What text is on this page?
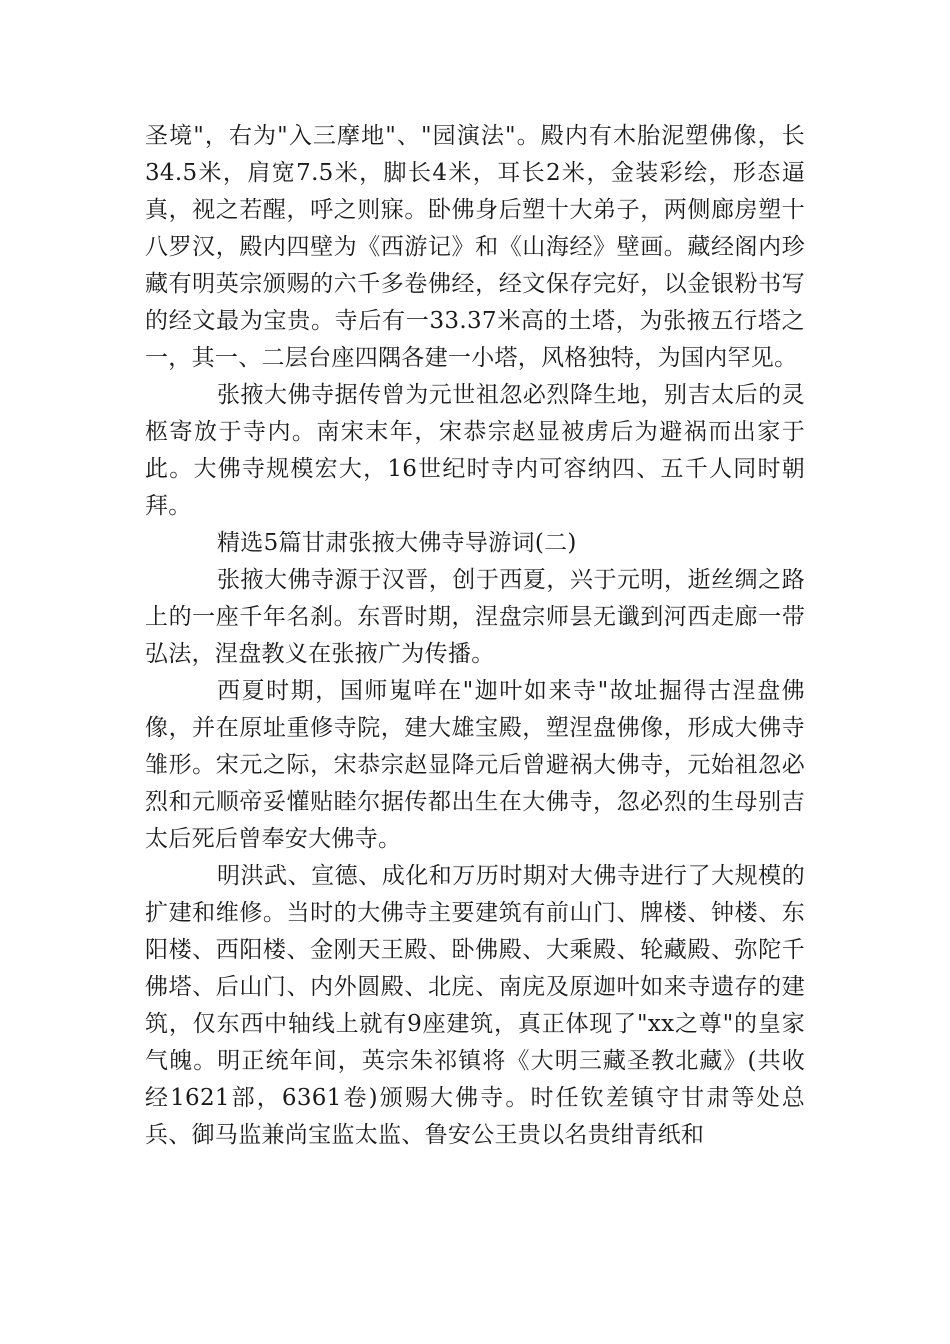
圣境"，右为"入三摩地"、"园演法"。殿内有木胎泥塑佛像，长34.5米，肩宽7.5米，脚长4米，耳长2米，金装彩绘，形态逼真，视之若醒，呼之则寐。卧佛身后塑十大弟子，两侧廊房塑十八罗汉，殿内四壁为《西游记》和《山海经》壁画。藏经阁内珍藏有明英宗颁赐的六千多卷佛经，经文保存完好，以金银粉书写的经文最为宝贵。寺后有一33.37米高的土塔，为张掖五行塔之一，其一、二层台座四隅各建一小塔，风格独特，为国内罕见。

张掖大佛寺据传曾为元世祖忽必烈降生地，别吉太后的灵柩寄放于寺内。南宋末年，宋恭宗赵显被虏后为避祸而出家于此。大佛寺规模宏大，16世纪时寺内可容纳四、五千人同时朝拜。

精选5篇甘肃张掖大佛寺导游词(二)

张掖大佛寺源于汉晋，创于西夏，兴于元明，逝丝绸之路上的一座千年名刹。东晋时期，涅盘宗师昙无谶到河西走廊一带弘法，涅盘教义在张掖广为传播。

西夏时期，国师嵬咩在"迦叶如来寺"故址掘得古涅盘佛像，并在原址重修寺院，建大雄宝殿，塑涅盘佛像，形成大佛寺雏形。宋元之际，宋恭宗赵显降元后曾避祸大佛寺，元始祖忽必烈和元顺帝妥懽贴睦尔据传都出生在大佛寺，忽必烈的生母别吉太后死后曾奉安大佛寺。

明洪武、宣德、成化和万历时期对大佛寺进行了大规模的扩建和维修。当时的大佛寺主要建筑有前山门、牌楼、钟楼、东阳楼、西阳楼、金刚天王殿、卧佛殿、大乘殿、轮藏殿、弥陀千佛塔、后山门、内外圆殿、北庑、南庑及原迦叶如来寺遗存的建筑，仅东西中轴线上就有9座建筑，真正体现了"xx之尊"的皇家气魄。明正统年间，英宗朱祁镇将《大明三藏圣教北藏》(共收经1621部，6361卷)颁赐大佛寺。时任钦差镇守甘肃等处总兵、御马监兼尚宝监太监、鲁安公王贵以名贵绀青纸和
